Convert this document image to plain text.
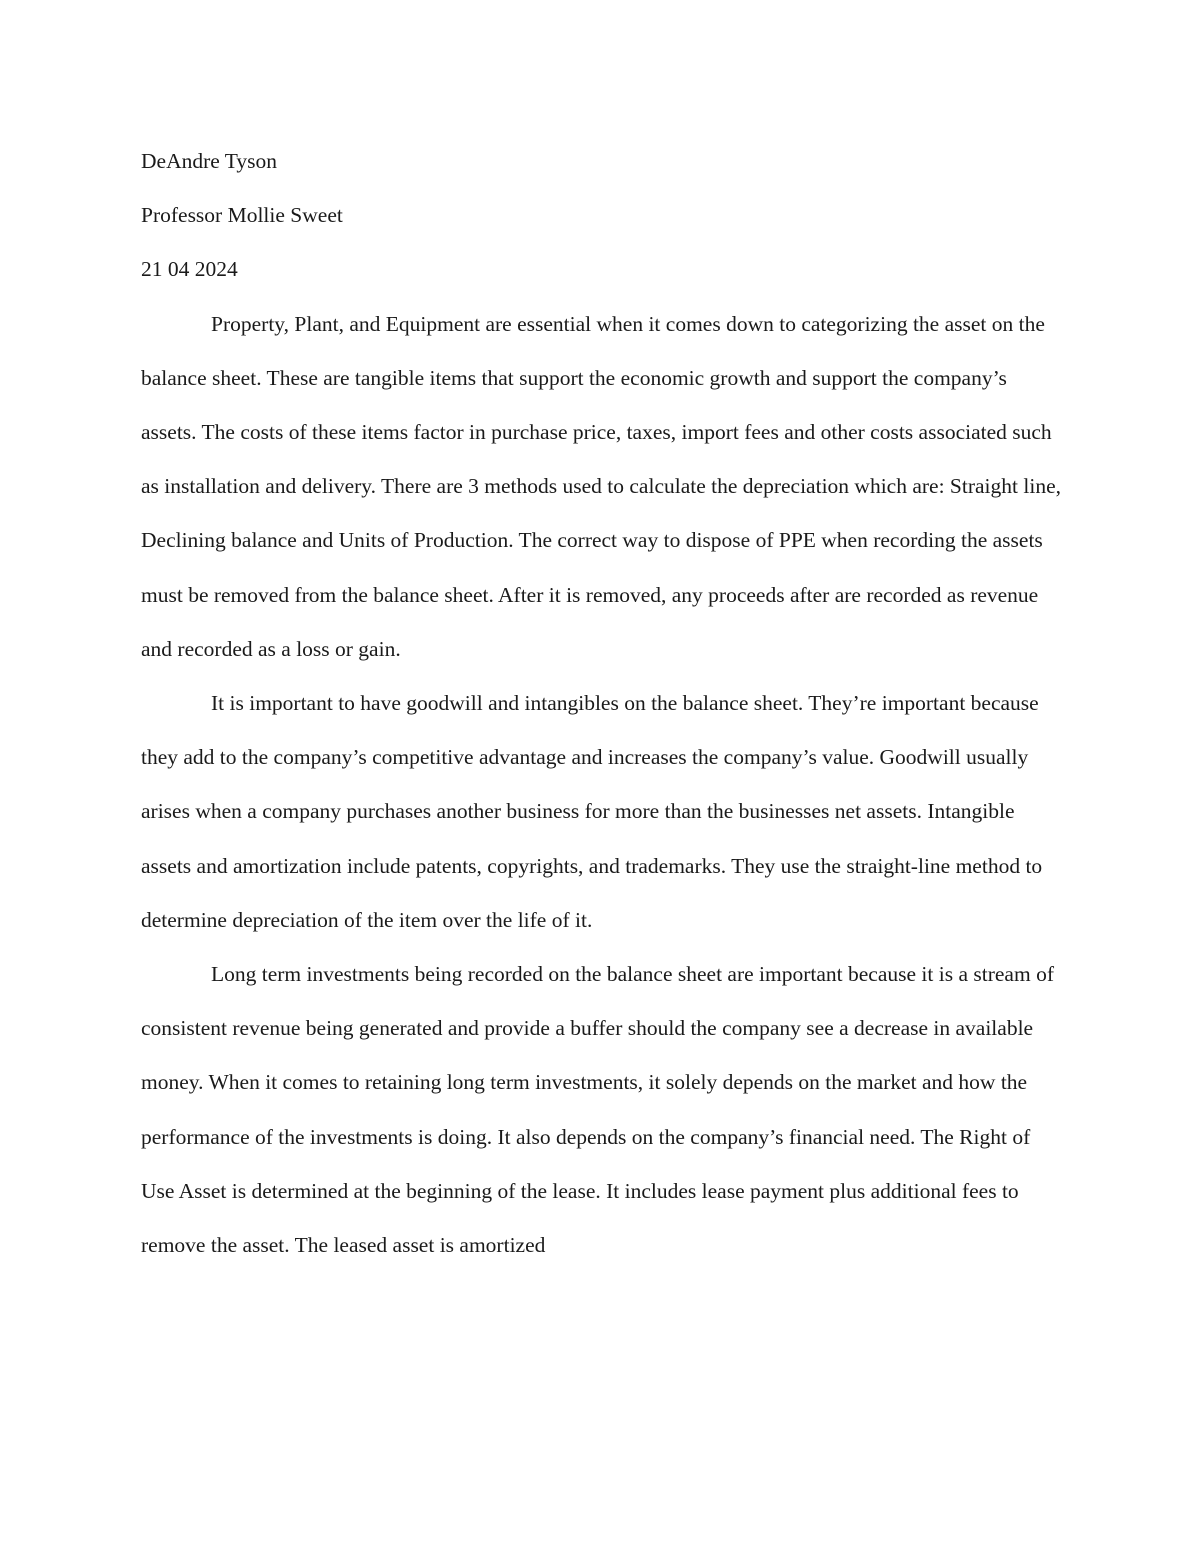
DeAndre Tyson

Professor Mollie Sweet

21 04 2024

Property, Plant, and Equipment are essential when it comes down to categorizing the asset on the balance sheet. These are tangible items that support the economic growth and support the company’s assets. The costs of these items factor in purchase price, taxes, import fees and other costs associated such as installation and delivery. There are 3 methods used to calculate the depreciation which are: Straight line, Declining balance and Units of Production. The correct way to dispose of PPE when recording the assets must be removed from the balance sheet. After it is removed, any proceeds after are recorded as revenue and recorded as a loss or gain.

It is important to have goodwill and intangibles on the balance sheet. They’re important because they add to the company’s competitive advantage and increases the company’s value. Goodwill usually arises when a company purchases another business for more than the businesses net assets. Intangible assets and amortization include patents, copyrights, and trademarks. They use the straight-line method to determine depreciation of the item over the life of it.

Long term investments being recorded on the balance sheet are important because it is a stream of consistent revenue being generated and provide a buffer should the company see a decrease in available money. When it comes to retaining long term investments, it solely depends on the market and how the performance of the investments is doing. It also depends on the company’s financial need. The Right of Use Asset is determined at the beginning of the lease. It includes lease payment plus additional fees to remove the asset. The leased asset is amortized
